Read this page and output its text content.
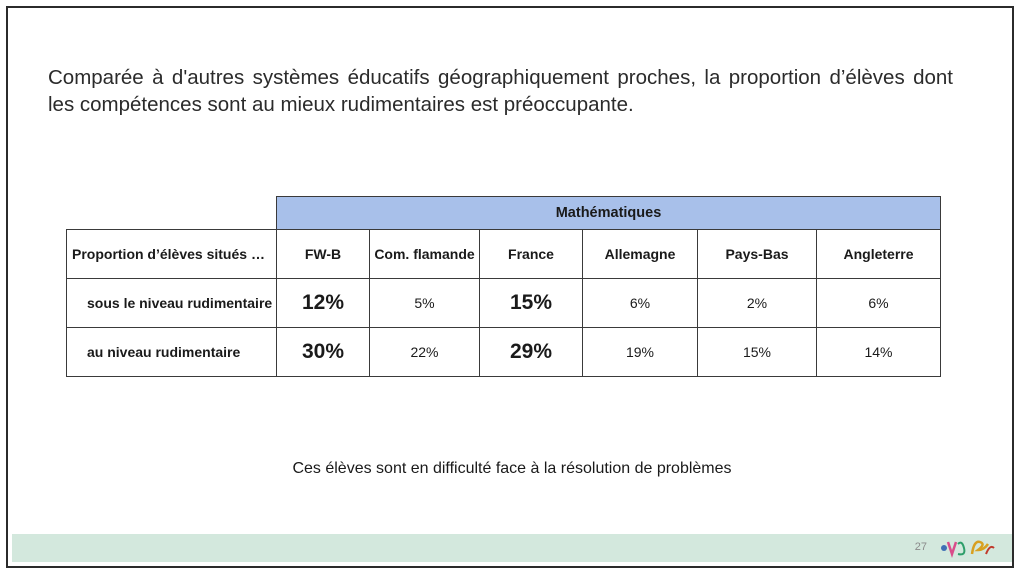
Comparée à d'autres systèmes éducatifs géographiquement proches, la proportion d’élèves dont les compétences sont au mieux rudimentaires est préoccupante.
	Mathématiques					
Proportion d’élèves situés …	FW-B	Com. flamande	France	Allemagne	Pays-Bas	Angleterre
sous le niveau rudimentaire	12%	5%	15%	6%	2%	6%
au niveau rudimentaire	30%	22%	29%	19%	15%	14%
Ces élèves sont en difficulté face à la résolution de problèmes
27
